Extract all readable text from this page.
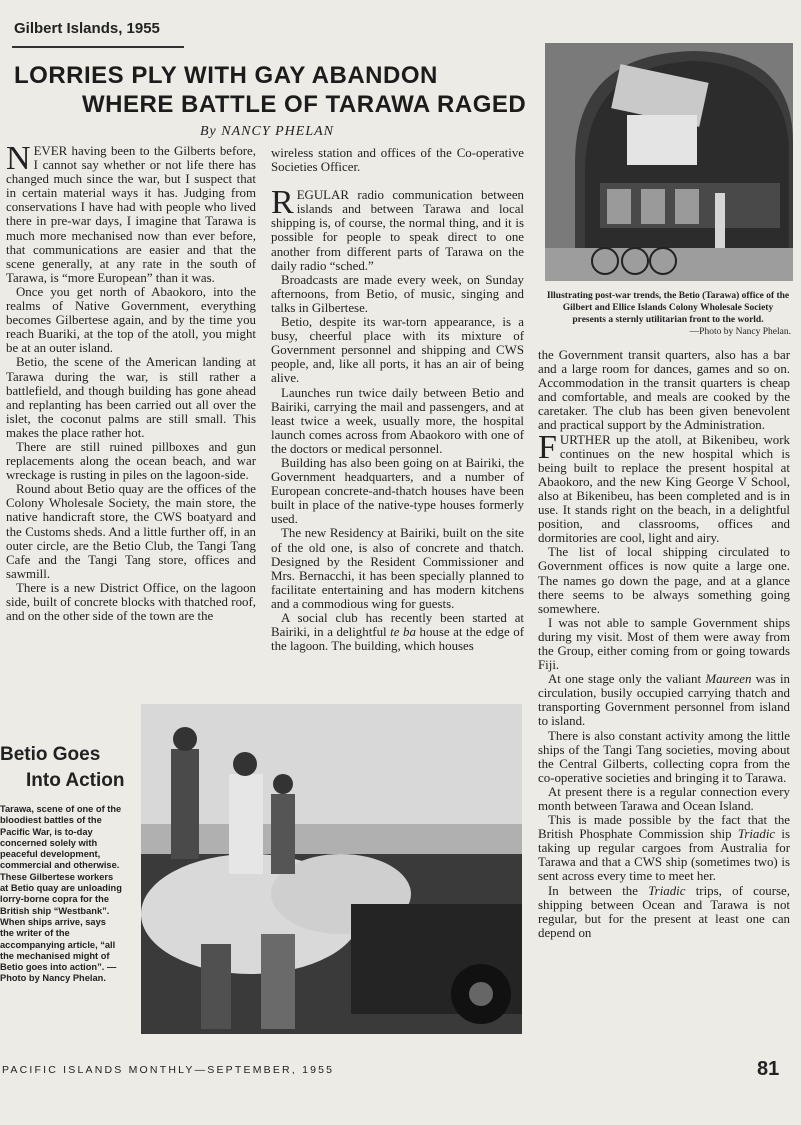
Gilbert Islands, 1955
LORRIES PLY WITH GAY ABANDON
WHERE BATTLE OF TARAWA RAGED
By NANCY PHELAN

NEVER having been to the Gilberts before, I cannot say whether or not life there has changed much since the war, but I suspect that in certain material ways it has. Judging from conservations I have had with people who lived there in pre-war days, I imagine that Tarawa is much more mechanised now than ever before, that communications are easier and that the scene generally, at any rate in the south of Tarawa, is “more European” than it was.

Once you get north of Abaokoro, into the realms of Native Government, everything becomes Gilbertese again, and by the time you reach Buariki, at the top of the atoll, you might be at an outer island.

Betio, the scene of the American landing at Tarawa during the war, is still rather a battlefield, and though building has gone ahead and replanting has been carried out all over the islet, the coconut palms are still small. This makes the place rather hot.

There are still ruined pillboxes and gun replacements along the ocean beach, and war wreckage is rusting in piles on the lagoon-side.

Round about Betio quay are the offices of the Colony Wholesale Society, the main store, the native handicraft store, the CWS boatyard and the Customs sheds. And a little further off, in an outer circle, are the Betio Club, the Tangi Tang Cafe and the Tangi Tang store, offices and sawmill.

There is a new District Office, on the lagoon side, built of concrete blocks with thatched roof, and on the other side of the town are the

wireless station and offices of the Co-operative Societies Officer.

REGULAR radio communication between islands and between Tarawa and local shipping is, of course, the normal thing, and it is possible for people to speak direct to one another from different parts of Tarawa on the daily radio “sched.”

Broadcasts are made every week, on Sunday afternoons, from Betio, of music, singing and talks in Gilbertese.

Betio, despite its war-torn appearance, is a busy, cheerful place with its mixture of Government personnel and shipping and CWS people, and, like all ports, it has an air of being alive.

Launches run twice daily between Betio and Bairiki, carrying the mail and passengers, and at least twice a week, usually more, the hospital launch comes across from Abaokoro with one of the doctors or medical personnel.

Building has also been going on at Bairiki, the Government headquarters, and a number of European concrete-and-thatch houses have been built in place of the native-type houses formerly used.

The new Residency at Bairiki, built on the site of the old one, is also of concrete and thatch. Designed by the Resident Commissioner and Mrs. Bernacchi, it has been specially planned to facilitate entertaining and has modern kitchens and a commodious wing for guests.

A social club has recently been started at Bairiki, in a delightful te ba house at the edge of the lagoon. The building, which houses

Illustrating post-war trends, the Betio (Tarawa) office of the Gilbert and Ellice Islands Colony Wholesale Society presents a sternly utilitarian front to the world.
—Photo by Nancy Phelan.

the Government transit quarters, also has a bar and a large room for dances, games and so on. Accommodation in the transit quarters is cheap and comfortable, and meals are cooked by the caretaker. The club has been given benevolent and practical support by the Administration.

FURTHER up the atoll, at Bikenibeu, work continues on the new hospital which is being built to replace the present hospital at Abaokoro, and the new King George V School, also at Bikenibeu, has been completed and is in use. It stands right on the beach, in a delightful position, and classrooms, offices and dormitories are cool, light and airy.

The list of local shipping circulated to Government offices is now quite a large one. The names go down the page, and at a glance there seems to be always something going somewhere.

I was not able to sample Government ships during my visit. Most of them were away from the Group, either coming from or going towards Fiji.

At one stage only the valiant Maureen was in circulation, busily occupied carrying thatch and transporting Government personnel from island to island.

There is also constant activity among the little ships of the Tangi Tang societies, moving about the Central Gilberts, collecting copra from the co-operative societies and bringing it to Tarawa.

At present there is a regular connection every month between Tarawa and Ocean Island.

This is made possible by the fact that the British Phosphate Commission ship Triadic is taking up regular cargoes from Australia for Tarawa and that a CWS ship (sometimes two) is sent across every time to meet her.

In between the Triadic trips, of course, shipping between Ocean and Tarawa is not regular, but for the present at least one can depend on

Betio Goes
Into Action
Tarawa, scene of one of the bloodiest battles of the Pacific War, is to-day concerned solely with peaceful development, commercial and otherwise. These Gilbertese workers at Betio quay are unloading lorry-borne copra for the British ship “Westbank”. When ships arrive, says the writer of the accompanying article, “all the mechanised might of Betio goes into action”. —Photo by Nancy Phelan.
PACIFIC ISLANDS MONTHLY—SEPTEMBER, 1955	81
